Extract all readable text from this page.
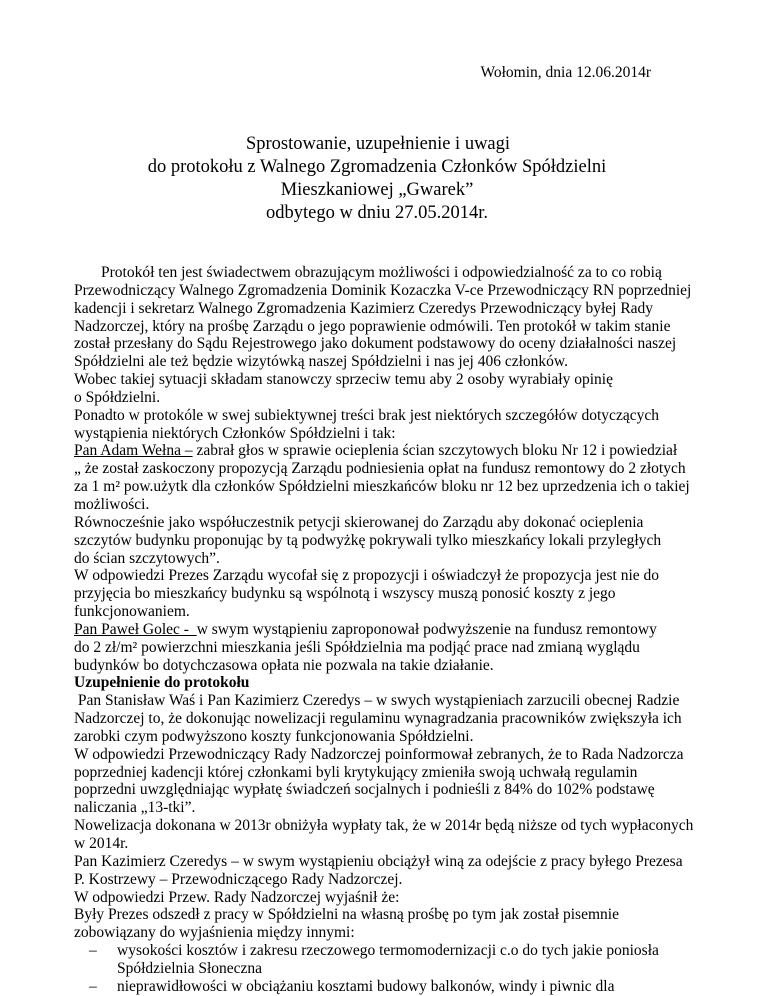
Wołomin, dnia 12.06.2014r
Sprostowanie, uzupełnienie i uwagi
do protokołu z Walnego Zgromadzenia Członków Spółdzielni
Mieszkaniowej „Gwarek”
odbytego w dniu 27.05.2014r.
Protokół ten jest świadectwem obrazującym możliwości i odpowiedzialność za to co robią
Przewodniczący Walnego Zgromadzenia Dominik Kozaczka V-ce Przewodniczący RN poprzedniej
kadencji i sekretarz Walnego Zgromadzenia Kazimierz Czeredys Przewodniczący byłej Rady
Nadzorczej, który na prośbę Zarządu o jego poprawienie odmówili. Ten protokół w takim stanie
został przesłany do Sądu Rejestrowego jako dokument podstawowy do oceny działalności naszej
Spółdzielni ale też będzie wizytówką naszej Spółdzielni i nas jej 406 członków.
Wobec takiej sytuacji składam stanowczy sprzeciw temu aby 2 osoby wyrabiały opinię
o Spółdzielni.
Ponadto w protokóle w swej subiektywnej treści brak jest niektórych szczegółów dotyczących
wystąpienia niektórych Członków Spółdzielni i tak:
Pan Adam Wełna – zabrał głos w sprawie ocieplenia ścian szczytowych bloku Nr 12 i powiedział
„ że został zaskoczony propozycją Zarządu podniesienia opłat na fundusz remontowy do 2 złotych
za 1 m² pow.użytk dla członków Spółdzielni mieszkańców bloku nr 12 bez uprzedzenia ich o takiej
możliwości.
Równocześnie jako współuczestnik petycji skierowanej do Zarządu aby dokonać ocieplenia
szczytów budynku proponując by tą podwyżkę pokrywali tylko mieszkańcy lokali przyległych
do ścian szczytowych”.
W odpowiedzi Prezes Zarządu wycofał się z propozycji i oświadczył że propozycja jest nie do
przyjęcia bo mieszkańcy budynku są wspólnotą i wszyscy muszą ponosić koszty z jego
funkcjonowaniem.
Pan Paweł Golec -  w swym wystąpieniu zaproponował podwyższenie na fundusz remontowy
do 2 zł/m² powierzchni mieszkania jeśli Spółdzielnia ma podjąć prace nad zmianą wyglądu
budynków bo dotychczasowa opłata nie pozwala na takie działanie.
Uzupełnienie do protokołu
Pan Stanisław Waś i Pan Kazimierz Czeredys – w swych wystąpieniach zarzucili obecnej Radzie
Nadzorczej to, że dokonując nowelizacji regulaminu wynagradzania pracowników zwiększyła ich
zarobki czym podwyższono koszty funkcjonowania Spółdzielni.
W odpowiedzi Przewodniczący Rady Nadzorczej poinformował zebranych, że to Rada Nadzorcza
poprzedniej kadencji której członkami byli krytykujący zmieniła swoją uchwałą regulamin
poprzedni uwzględniając wypłatę świadczeń socjalnych i podnieśli z 84% do 102% podstawę
naliczania „13-tki”.
Nowelizacja dokonana w 2013r obniżyła wypłaty tak, że w 2014r będą niższe od tych wypłaconych
w 2014r.
Pan Kazimierz Czeredys – w swym wystąpieniu obciążył winą za odejście z pracy byłego Prezesa
P. Kostrzewy – Przewodniczącego Rady Nadzorczej.
W odpowiedzi Przew. Rady Nadzorczej wyjaśnił że:
Były Prezes odszedł z pracy w Spółdzielni na własną prośbę po tym jak został pisemnie
zobowiązany do wyjaśnienia między innymi:
– wysokości kosztów i zakresu rzeczowego termomodernizacji c.o do tych jakie poniosła
Spółdzielnia Słoneczna
– nieprawidłowości w obciążaniu kosztami budowy balkonów, windy i piwnic dla
